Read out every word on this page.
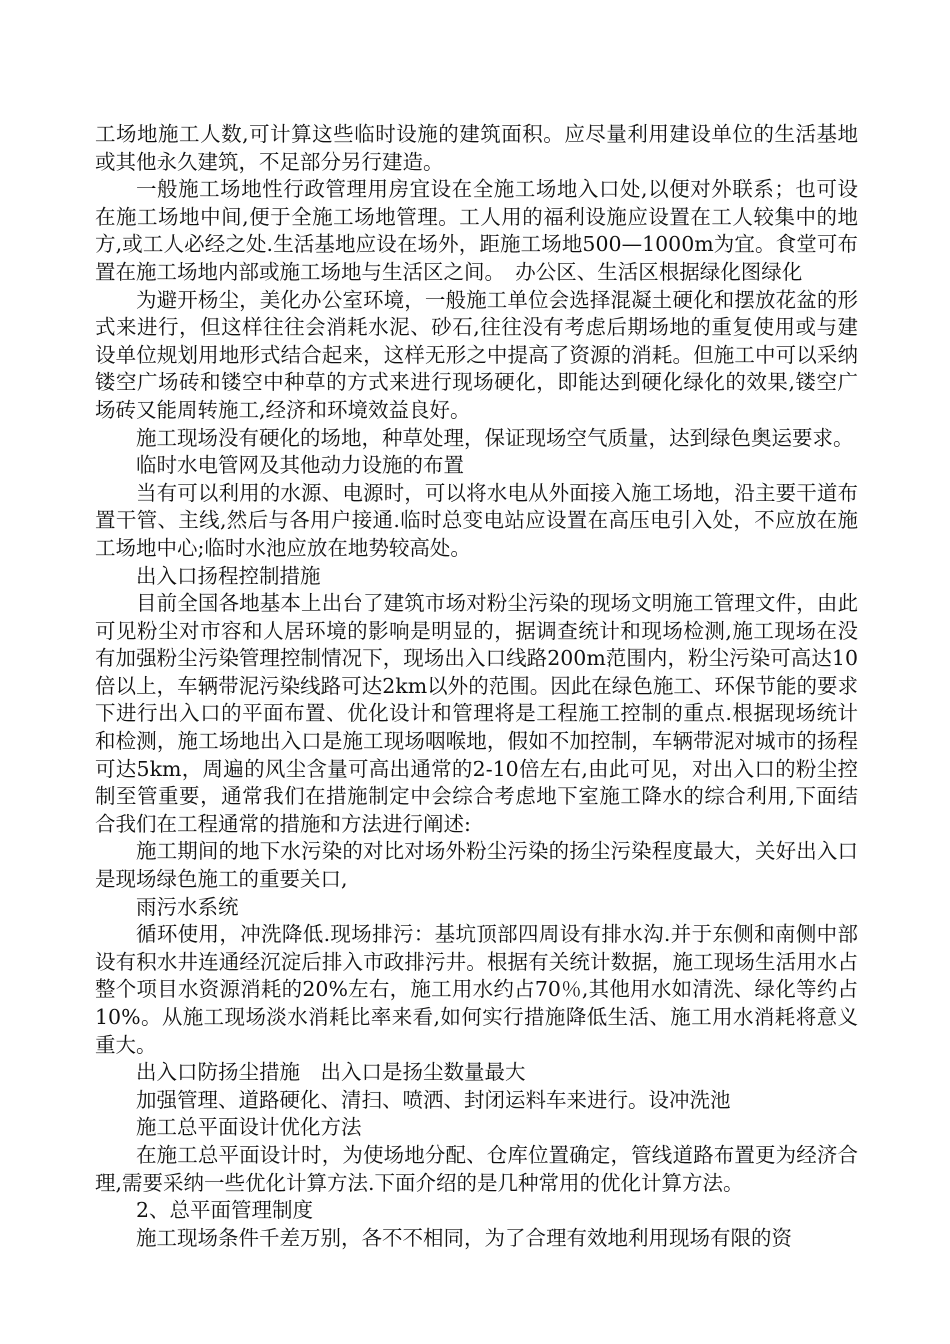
工场地施工人数,可计算这些临时设施的建筑面积。应尽量利用建设单位的生活基地或其他永久建筑，不足部分另行建造。

一般施工场地性行政管理用房宜设在全施工场地入口处,以便对外联系；也可设在施工场地中间,便于全施工场地管理。工人用的福利设施应设置在工人较集中的地方,或工人必经之处.生活基地应设在场外，距施工场地500—1000m为宜。食堂可布置在施工场地内部或施工场地与生活区之间。　办公区、生活区根据绿化图绿化

为避开杨尘，美化办公室环境，一般施工单位会选择混凝土硬化和摆放花盆的形式来进行，但这样往往会消耗水泥、砂石,往往没有考虑后期场地的重复使用或与建设单位规划用地形式结合起来，这样无形之中提高了资源的消耗。但施工中可以采纳镂空广场砖和镂空中种草的方式来进行现场硬化，即能达到硬化绿化的效果,镂空广场砖又能周转施工,经济和环境效益良好。

施工现场没有硬化的场地，种草处理，保证现场空气质量，达到绿色奥运要求。

临时水电管网及其他动力设施的布置

当有可以利用的水源、电源时，可以将水电从外面接入施工场地，沿主要干道布置干管、主线,然后与各用户接通.临时总变电站应设置在高压电引入处，不应放在施工场地中心;临时水池应放在地势较高处。

出入口扬程控制措施

目前全国各地基本上出台了建筑市场对粉尘污染的现场文明施工管理文件，由此可见粉尘对市容和人居环境的影响是明显的，据调查统计和现场检测,施工现场在没有加强粉尘污染管理控制情况下，现场出入口线路200m范围内，粉尘污染可高达10倍以上，车辆带泥污染线路可达2km以外的范围。因此在绿色施工、环保节能的要求下进行出入口的平面布置、优化设计和管理将是工程施工控制的重点.根据现场统计和检测，施工场地出入口是施工现场咽喉地，假如不加控制，车辆带泥对城市的扬程可达5km，周遍的风尘含量可高出通常的2-10倍左右,由此可见，对出入口的粉尘控制至管重要，通常我们在措施制定中会综合考虑地下室施工降水的综合利用,下面结合我们在工程通常的措施和方法进行阐述:

施工期间的地下水污染的对比对场外粉尘污染的扬尘污染程度最大，关好出入口是现场绿色施工的重要关口,

雨污水系统

循环使用，冲洗降低.现场排污：基坑顶部四周设有排水沟.并于东侧和南侧中部设有积水井连通经沉淀后排入市政排污井。根据有关统计数据，施工现场生活用水占整个项目水资源消耗的20%左右，施工用水约占70％,其他用水如清洗、绿化等约占10%。从施工现场淡水消耗比率来看,如何实行措施降低生活、施工用水消耗将意义重大。

出入口防扬尘措施　出入口是扬尘数量最大

加强管理、道路硬化、清扫、喷洒、封闭运料车来进行。设冲洗池

施工总平面设计优化方法

在施工总平面设计时，为使场地分配、仓库位置确定，管线道路布置更为经济合理,需要采纳一些优化计算方法.下面介绍的是几种常用的优化计算方法。

2、总平面管理制度

施工现场条件千差万别，各不不相同，为了合理有效地利用现场有限的资
